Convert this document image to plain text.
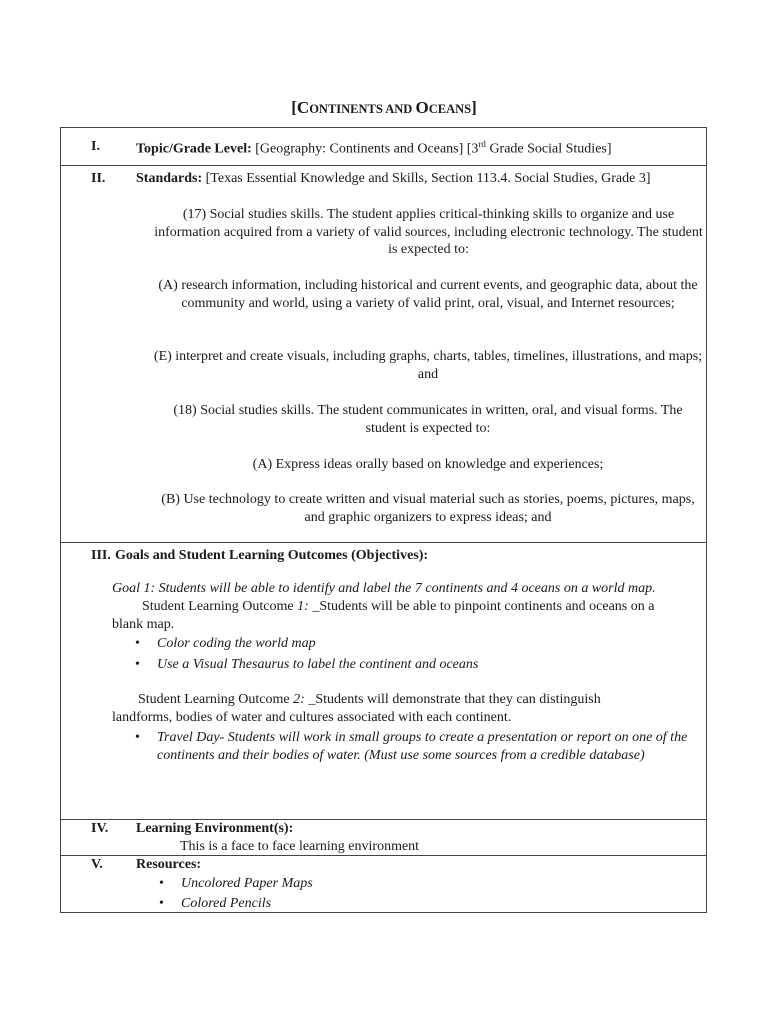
[CONTINENTS AND OCEANS]
I.	Topic/Grade Level: [Geography: Continents and Oceans] [3rd Grade Social Studies]
II. Standards: [Texas Essential Knowledge and Skills, Section 113.4. Social Studies, Grade 3]
(17) Social studies skills. The student applies critical-thinking skills to organize and use information acquired from a variety of valid sources, including electronic technology. The student is expected to:
(A) research information, including historical and current events, and geographic data, about the community and world, using a variety of valid print, oral, visual, and Internet resources;
(E) interpret and create visuals, including graphs, charts, tables, timelines, illustrations, and maps; and
(18) Social studies skills. The student communicates in written, oral, and visual forms. The student is expected to:
(A) Express ideas orally based on knowledge and experiences;
(B) Use technology to create written and visual material such as stories, poems, pictures, maps, and graphic organizers to express ideas; and
III. Goals and Student Learning Outcomes (Objectives):
Goal 1: Students will be able to identify and label the 7 continents and 4 oceans on a world map.
Student Learning Outcome 1: _Students will be able to pinpoint continents and oceans on a
blank map.
• Color coding the world map
• Use a Visual Thesaurus to label the continent and oceans
Student Learning Outcome 2: _Students will demonstrate that they can distinguish
landforms, bodies of water and cultures associated with each continent.
• Travel Day- Students will work in small groups to create a presentation or report on one of the continents and their bodies of water. (Must use some sources from a credible database)
IV. Learning Environment(s):
This is a face to face learning environment
V. Resources:
• Uncolored Paper Maps
• Colored Pencils
